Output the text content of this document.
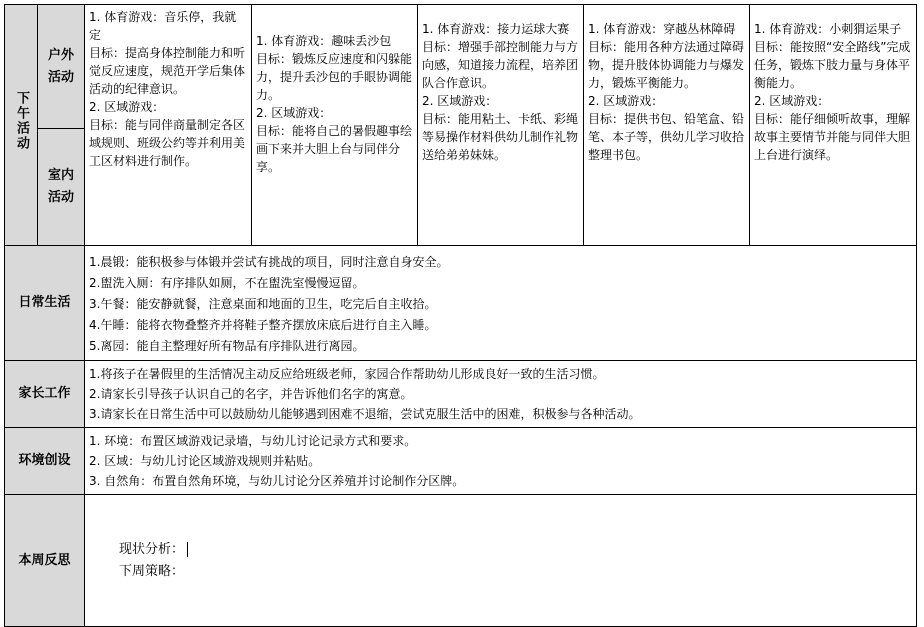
下午活动	户外活动	1. 体育游戏：音乐停，我就定
目标：提高身体控制能力和听觉反应速度，规范开学后集体活动的纪律意识。
2. 区域游戏：
目标：能与同伴商量制定各区域规则、班级公约等并利用美工区材料进行制作。	1. 体育游戏：趣味丢沙包
目标：锻炼反应速度和闪躲能力，提升丢沙包的手眼协调能力。
2. 区域游戏：
目标：能将自己的暑假趣事绘画下来并大胆上台与同伴分享。	1. 体育游戏：接力运球大赛
目标：增强手部控制能力与方向感，知道接力流程，培养团队合作意识。
2. 区域游戏：
目标：能用粘土、卡纸、彩绳等易操作材料供幼儿制作礼物送给弟弟妹妹。	1. 体育游戏：穿越丛林障碍
目标：能用各种方法通过障碍物，提升肢体协调能力与爆发力，锻炼平衡能力。
2. 区域游戏：
目标：提供书包、铅笔盒、铅笔、本子等，供幼儿学习收拾整理书包。	1. 体育游戏：小刺猬运果子
目标：能按照“安全路线”完成任务，锻炼下肢力量与身体平衡能力。
2. 区域游戏：
目标：能仔细倾听故事，理解故事主要情节并能与同伴大胆上台进行演绎。

	室内活动					

日常生活		1.晨锻：能积极参与体锻并尝试有挑战的项目，同时注意自身安全。
2.盥洗入厕：有序排队如厕，不在盥洗室慢慢逗留。
3.午餐：能安静就餐，注意桌面和地面的卫生，吃完后自主收拾。
4.午睡：能将衣物叠整齐并将鞋子整齐摆放床底后进行自主入睡。
5.离园：能自主整理好所有物品有序排队进行离园。				

家长工作		1.将孩子在暑假里的生活情况主动反应给班级老师，家园合作帮助幼儿形成良好一致的生活习惯。
2.请家长引导孩子认识自己的名字，并告诉他们名字的寓意。
3.请家长在日常生活中可以鼓励幼儿能够遇到困难不退缩，尝试克服生活中的困难，积极参与各种活动。				

环境创设		1. 环境：布置区域游戏记录墙，与幼儿讨论记录方式和要求。
2. 区域：与幼儿讨论区域游戏规则并粘贴。
3. 自然角：布置自然角环境，与幼儿讨论分区养殖并讨论制作分区牌。				

本周反思		现状分析：
下周策略：				
